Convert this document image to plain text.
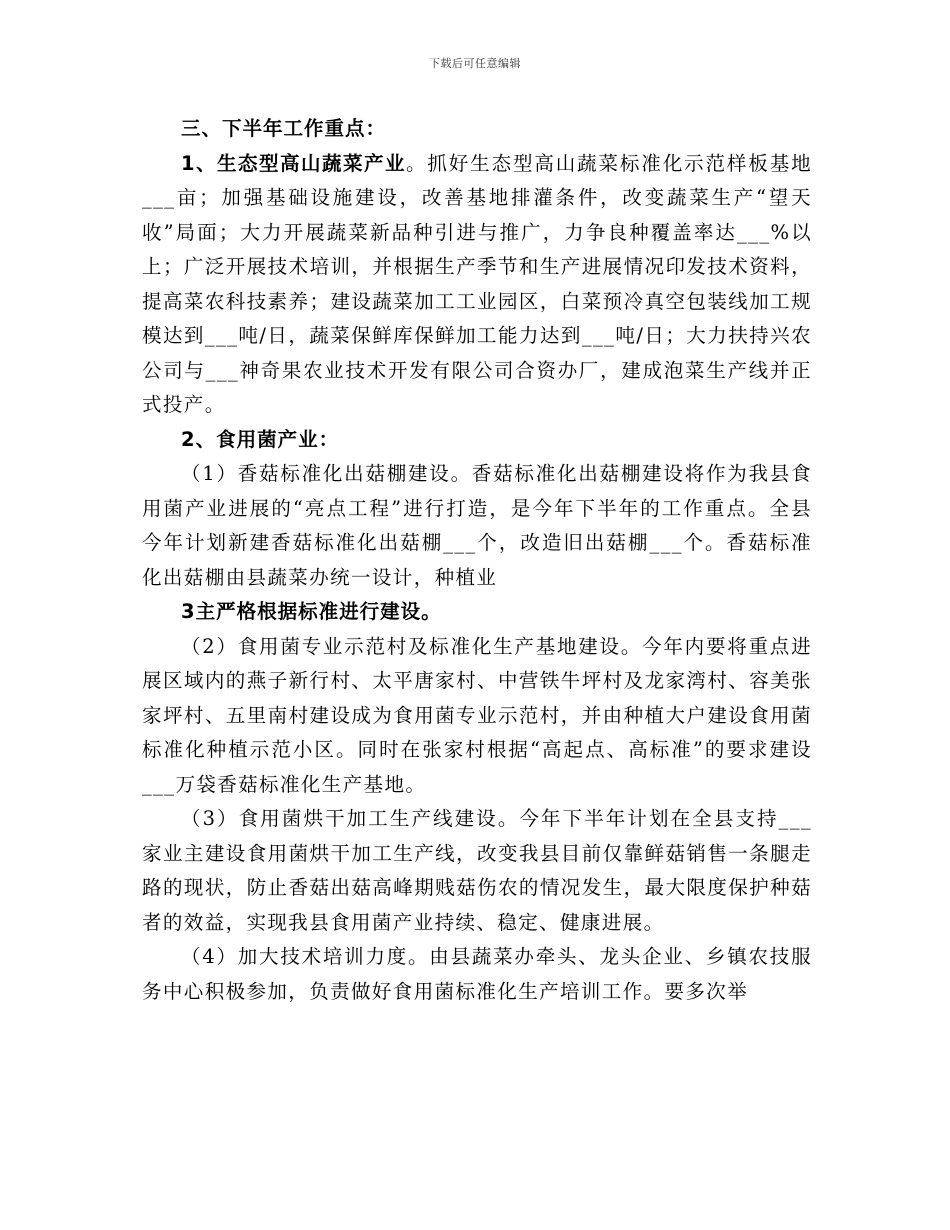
下载后可任意编辑

三、下半年工作重点：

1、生态型高山蔬菜产业。抓好生态型高山蔬菜标准化示范样板基地___亩；加强基础设施建设，改善基地排灌条件，改变蔬菜生产“望天收”局面；大力开展蔬菜新品种引进与推广，力争良种覆盖率达___%以上；广泛开展技术培训，并根据生产季节和生产进展情况印发技术资料，提高菜农科技素养；建设蔬菜加工工业园区，白菜预冷真空包装线加工规模达到___吨/日，蔬菜保鲜库保鲜加工能力达到___吨/日；大力扶持兴农公司与___神奇果农业技术开发有限公司合资办厂，建成泡菜生产线并正式投产。

2、食用菌产业：

（1）香菇标准化出菇棚建设。香菇标准化出菇棚建设将作为我县食用菌产业进展的“亮点工程”进行打造，是今年下半年的工作重点。全县今年计划新建香菇标准化出菇棚___个，改造旧出菇棚___个。香菇标准化出菇棚由县蔬菜办统一设计，种植业

3主严格根据标准进行建设。

（2）食用菌专业示范村及标准化生产基地建设。今年内要将重点进展区域内的燕子新行村、太平唐家村、中营铁牛坪村及龙家湾村、容美张家坪村、五里南村建设成为食用菌专业示范村，并由种植大户建设食用菌标准化种植示范小区。同时在张家村根据“高起点、高标准”的要求建设___万袋香菇标准化生产基地。

（3）食用菌烘干加工生产线建设。今年下半年计划在全县支持___家业主建设食用菌烘干加工生产线，改变我县目前仅靠鲜菇销售一条腿走路的现状，防止香菇出菇高峰期贱菇伤农的情况发生，最大限度保护种菇者的效益，实现我县食用菌产业持续、稳定、健康进展。

（4）加大技术培训力度。由县蔬菜办牵头、龙头企业、乡镇农技服务中心积极参加，负责做好食用菌标准化生产培训工作。要多次举
